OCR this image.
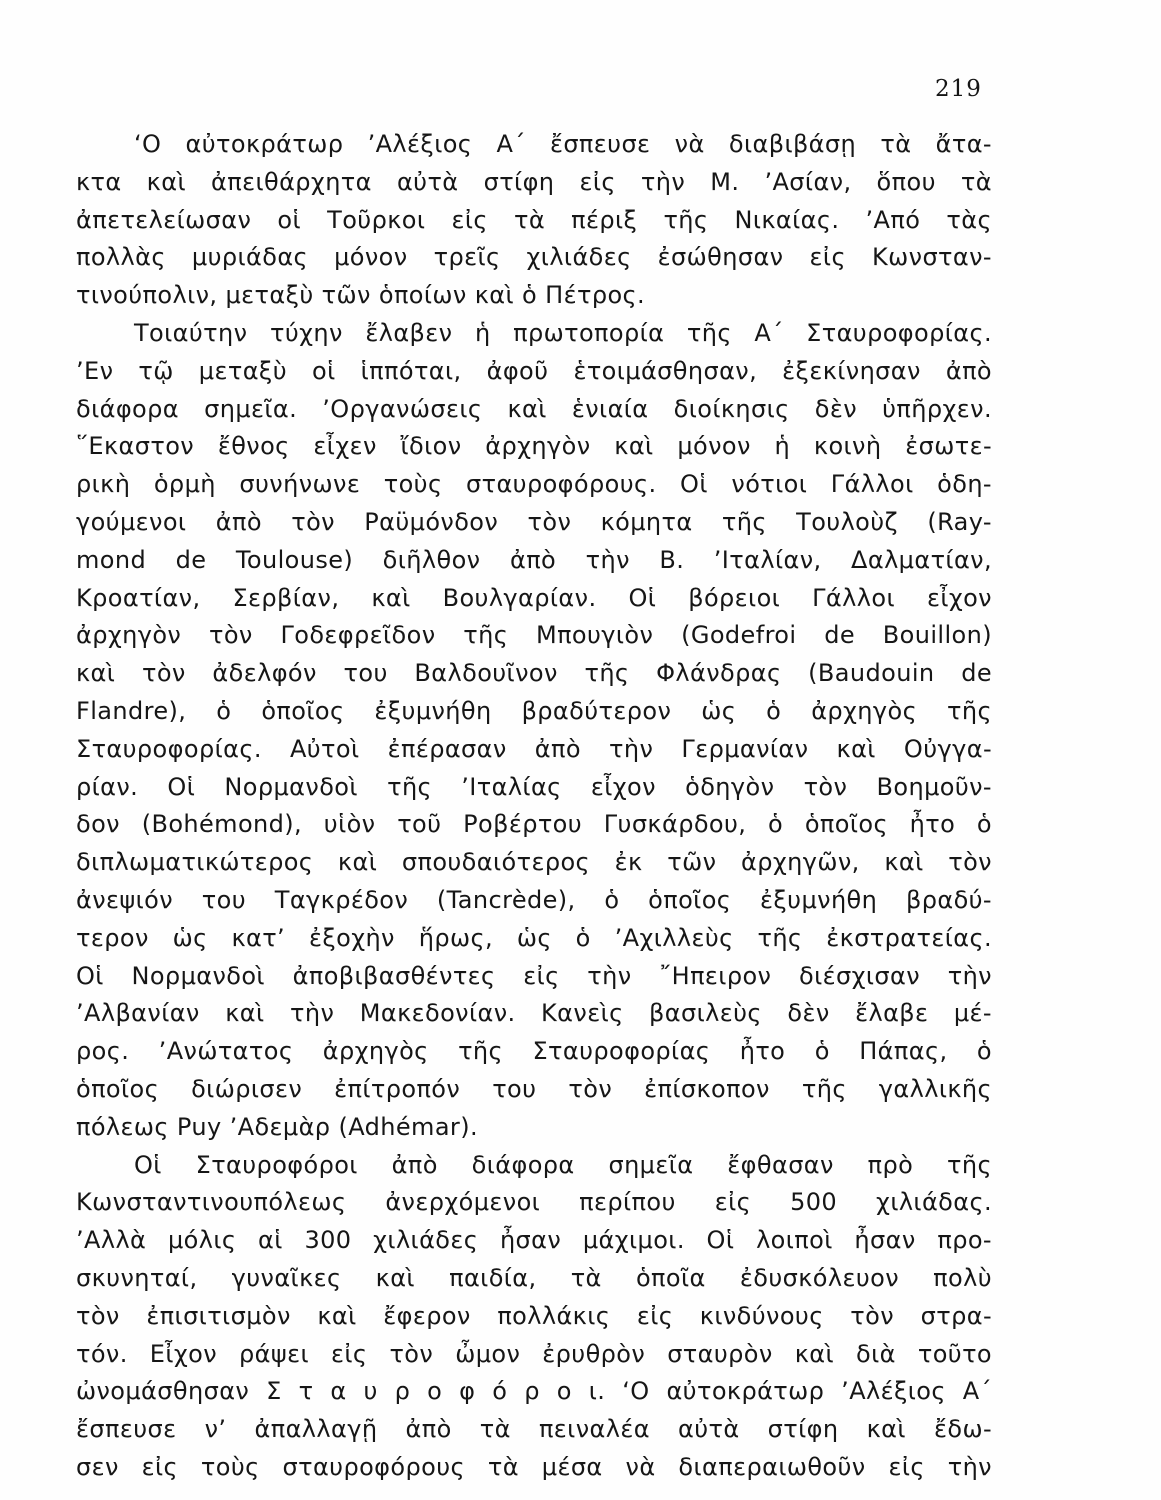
219
‘Ο αὐτοκράτωρ ’Αλέξιος Α΄ ἔσπευσε νὰ διαβιβάσῃ τὰ ἄτα-
κτα καὶ ἀπειθάρχητα αὐτὰ στίφη εἰς τὴν Μ. ’Ασίαν, ὅπου τὰ
ἀπετελείωσαν οἱ Τοῦρκοι εἰς τὰ πέριξ τῆς Νικαίας. ’Από τὰς
πολλὰς μυριάδας μόνον τρεῖς χιλιάδες ἐσώθησαν εἰς Κωνσταν-
τινούπολιν, μεταξὺ τῶν ὁποίων καὶ ὁ Πέτρος.
Τοιαύτην τύχην ἔλαβεν ἡ πρωτοπορία τῆς Α΄ Σταυροφορίας.
’Εν τῷ μεταξὺ οἱ ἱππόται, ἀφοῦ ἑτοιμάσθησαν, ἐξεκίνησαν ἀπὸ
διάφορα σημεῖα. ’Οργανώσεις καὶ ἑνιαία διοίκησις δὲν ὑπῆρχεν.
῞Εκαστον ἔθνος εἶχεν ἴδιον ἀρχηγὸν καὶ μόνον ἡ κοινὴ ἐσωτε-
ρικὴ ὁρμὴ συνήνωνε τοὺς σταυροφόρους. Οἱ νότιοι Γάλλοι ὁδη-
γούμενοι ἀπὸ τὸν Ραϋμόνδον τὸν κόμητα τῆς Τουλοὺζ (Ray-
mond de Toulouse) διῆλθον ἀπὸ τὴν Β. ’Ιταλίαν, Δαλματίαν,
Κροατίαν, Σερβίαν, καὶ Βουλγαρίαν. Οἱ βόρειοι Γάλλοι εἶχον
ἀρχηγὸν τὸν Γοδεφρεῖδον τῆς Μπουγιὸν (Godefroi de Bouillon)
καὶ τὸν ἀδελφόν του Βαλδουῖνον τῆς Φλάνδρας (Baudouin de
Flandre), ὁ ὁποῖος ἐξυμνήθη βραδύτερον ὡς ὁ ἀρχηγὸς τῆς
Σταυροφορίας. Αὐτοὶ ἐπέρασαν ἀπὸ τὴν Γερμανίαν καὶ Οὐγγα-
ρίαν. Οἱ Νορμανδοὶ τῆς ’Ιταλίας εἶχον ὁδηγὸν τὸν Βοημοῦν-
δον (Bohémond), υἱὸν τοῦ Ροβέρτου Γυσκάρδου, ὁ ὁποῖος ἦτο ὁ
διπλωματικώτερος καὶ σπουδαιότερος ἐκ τῶν ἀρχηγῶν, καὶ τὸν
ἀνεψιόν του Ταγκρέδον (Tancrède), ὁ ὁποῖος ἐξυμνήθη βραδύ-
τερον ὡς κατ’ ἐξοχὴν ἥρως, ὡς ὁ ’Αχιλλεὺς τῆς ἐκστρατείας.
Οἱ Νορμανδοὶ ἀποβιβασθέντες εἰς τὴν ῎Ηπειρον διέσχισαν τὴν
’Αλβανίαν καὶ τὴν Μακεδονίαν. Κανεὶς βασιλεὺς δὲν ἔλαβε μέ-
ρος. ’Ανώτατος ἀρχηγὸς τῆς Σταυροφορίας ἦτο ὁ Πάπας, ὁ
ὁποῖος διώρισεν ἐπίτροπόν του τὸν ἐπίσκοπον τῆς γαλλικῆς
πόλεως Puy ’Αδεμὰρ (Adhémar).
Οἱ Σταυροφόροι ἀπὸ διάφορα σημεῖα ἔφθασαν πρὸ τῆς
Κωνσταντινουπόλεως ἀνερχόμενοι περίπου εἰς 500 χιλιάδας.
’Αλλὰ μόλις αἱ 300 χιλιάδες ἦσαν μάχιμοι. Οἱ λοιποὶ ἦσαν προ-
σκυνηταί, γυναῖκες καὶ παιδία, τὰ ὁποῖα ἐδυσκόλευον πολὺ
τὸν ἐπισιτισμὸν καὶ ἔφερον πολλάκις εἰς κινδύνους τὸν στρα-
τόν. Εἶχον ράψει εἰς τὸν ὦμον ἐρυθρὸν σταυρὸν καὶ διὰ τοῦτο
ὠνομάσθησαν Σ τ α υ ρ ο φ ό ρ ο ι. ‘Ο αὐτοκράτωρ ’Αλέξιος Α΄
ἔσπευσε ν’ ἀπαλλαγῇ ἀπὸ τὰ πειναλέα αὐτὰ στίφη καὶ ἔδω-
σεν εἰς τοὺς σταυροφόρους τὰ μέσα νὰ διαπεραιωθοῦν εἰς τὴν
